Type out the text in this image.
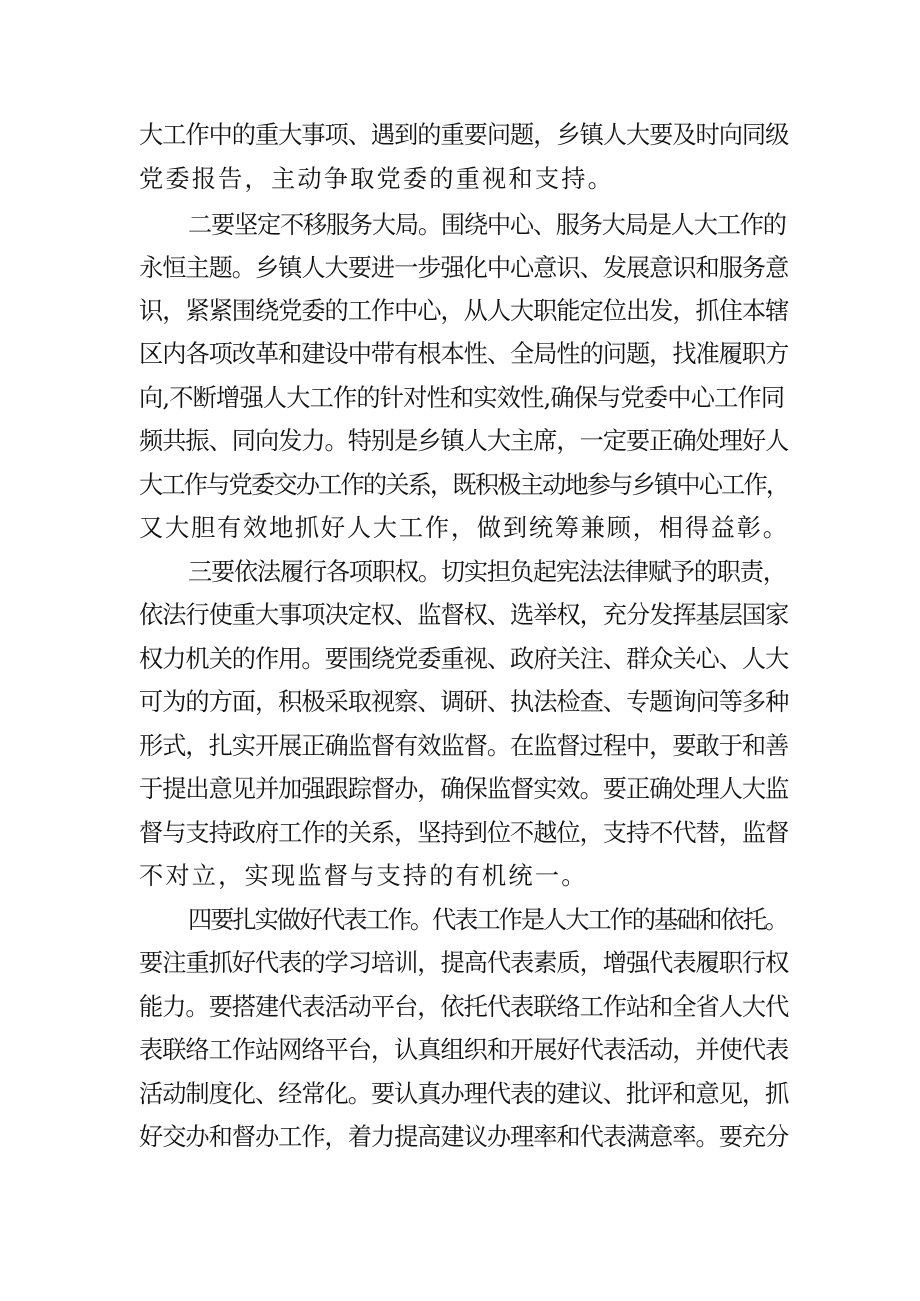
大工作中的重大事项、遇到的重要问题，乡镇人大要及时向同级
党委报告，主动争取党委的重视和支持。
二要坚定不移服务大局。围绕中心、服务大局是人大工作的
永恒主题。乡镇人大要进一步强化中心意识、发展意识和服务意
识，紧紧围绕党委的工作中心，从人大职能定位出发，抓住本辖
区内各项改革和建设中带有根本性、全局性的问题，找准履职方
向,不断增强人大工作的针对性和实效性,确保与党委中心工作同
频共振、同向发力。特别是乡镇人大主席，一定要正确处理好人
大工作与党委交办工作的关系，既积极主动地参与乡镇中心工作，
又大胆有效地抓好人大工作，做到统筹兼顾，相得益彰。
三要依法履行各项职权。切实担负起宪法法律赋予的职责，
依法行使重大事项决定权、监督权、选举权，充分发挥基层国家
权力机关的作用。要围绕党委重视、政府关注、群众关心、人大
可为的方面，积极采取视察、调研、执法检查、专题询问等多种
形式，扎实开展正确监督有效监督。在监督过程中，要敢于和善
于提出意见并加强跟踪督办，确保监督实效。要正确处理人大监
督与支持政府工作的关系，坚持到位不越位，支持不代替，监督
不对立，实现监督与支持的有机统一。
四要扎实做好代表工作。代表工作是人大工作的基础和依托。
要注重抓好代表的学习培训，提高代表素质，增强代表履职行权
能力。要搭建代表活动平台，依托代表联络工作站和全省人大代
表联络工作站网络平台，认真组织和开展好代表活动，并使代表
活动制度化、经常化。要认真办理代表的建议、批评和意见，抓
好交办和督办工作，着力提高建议办理率和代表满意率。要充分
